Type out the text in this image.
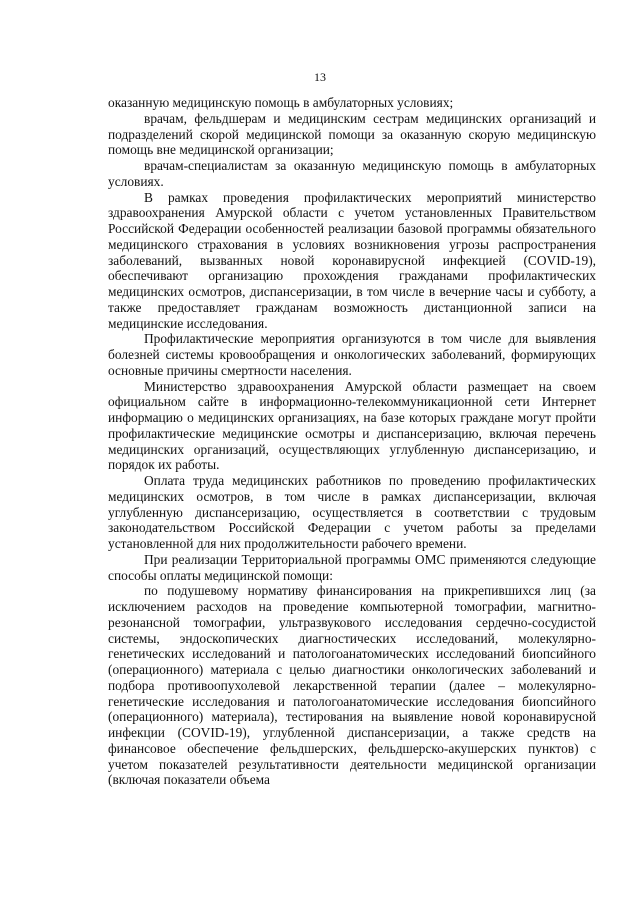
13

оказанную медицинскую помощь в амбулаторных условиях;

врачам, фельдшерам и медицинским сестрам медицинских организаций и подразделений скорой медицинской помощи за оказанную скорую медицинскую помощь вне медицинской организации;

врачам-специалистам за оказанную медицинскую помощь в амбулаторных условиях.

В рамках проведения профилактических мероприятий министерство здравоохранения Амурской области с учетом установленных Правительством Российской Федерации особенностей реализации базовой программы обязательного медицинского страхования в условиях возникновения угрозы распространения заболеваний, вызванных новой коронавирусной инфекцией (COVID-19), обеспечивают организацию прохождения гражданами профилактических медицинских осмотров, диспансеризации, в том числе в вечерние часы и субботу, а также предоставляет гражданам возможность дистанционной записи на медицинские исследования.

Профилактические мероприятия организуются в том числе для выявления болезней системы кровообращения и онкологических заболеваний, формирующих основные причины смертности населения.

Министерство здравоохранения Амурской области размещает на своем официальном сайте в информационно-телекоммуникационной сети Интернет информацию о медицинских организациях, на базе которых граждане могут пройти профилактические медицинские осмотры и диспансеризацию, включая перечень медицинских организаций, осуществляющих углубленную диспансеризацию, и порядок их работы.

Оплата труда медицинских работников по проведению профилактических медицинских осмотров, в том числе в рамках диспансеризации, включая углубленную диспансеризацию, осуществляется в соответствии с трудовым законодательством Российской Федерации с учетом работы за пределами установленной для них продолжительности рабочего времени.

При реализации Территориальной программы ОМС применяются следующие способы оплаты медицинской помощи:

по подушевому нормативу финансирования на прикрепившихся лиц (за исключением расходов на проведение компьютерной томографии, магнитно-резонансной томографии, ультразвукового исследования сердечно-сосудистой системы, эндоскопических диагностических исследований, молекулярно-генетических исследований и патологоанатомических исследований биопсийного (операционного) материала с целью диагностики онкологических заболеваний и подбора противоопухолевой лекарственной терапии (далее – молекулярно-генетические исследования и патологоанатомические исследования биопсийного (операционного) материала), тестирования на выявление новой коронавирусной инфекции (COVID-19), углубленной диспансеризации, а также средств на финансовое обеспечение фельдшерских, фельдшерско-акушерских пунктов) с учетом показателей результативности деятельности медицинской организации (включая показатели объема
